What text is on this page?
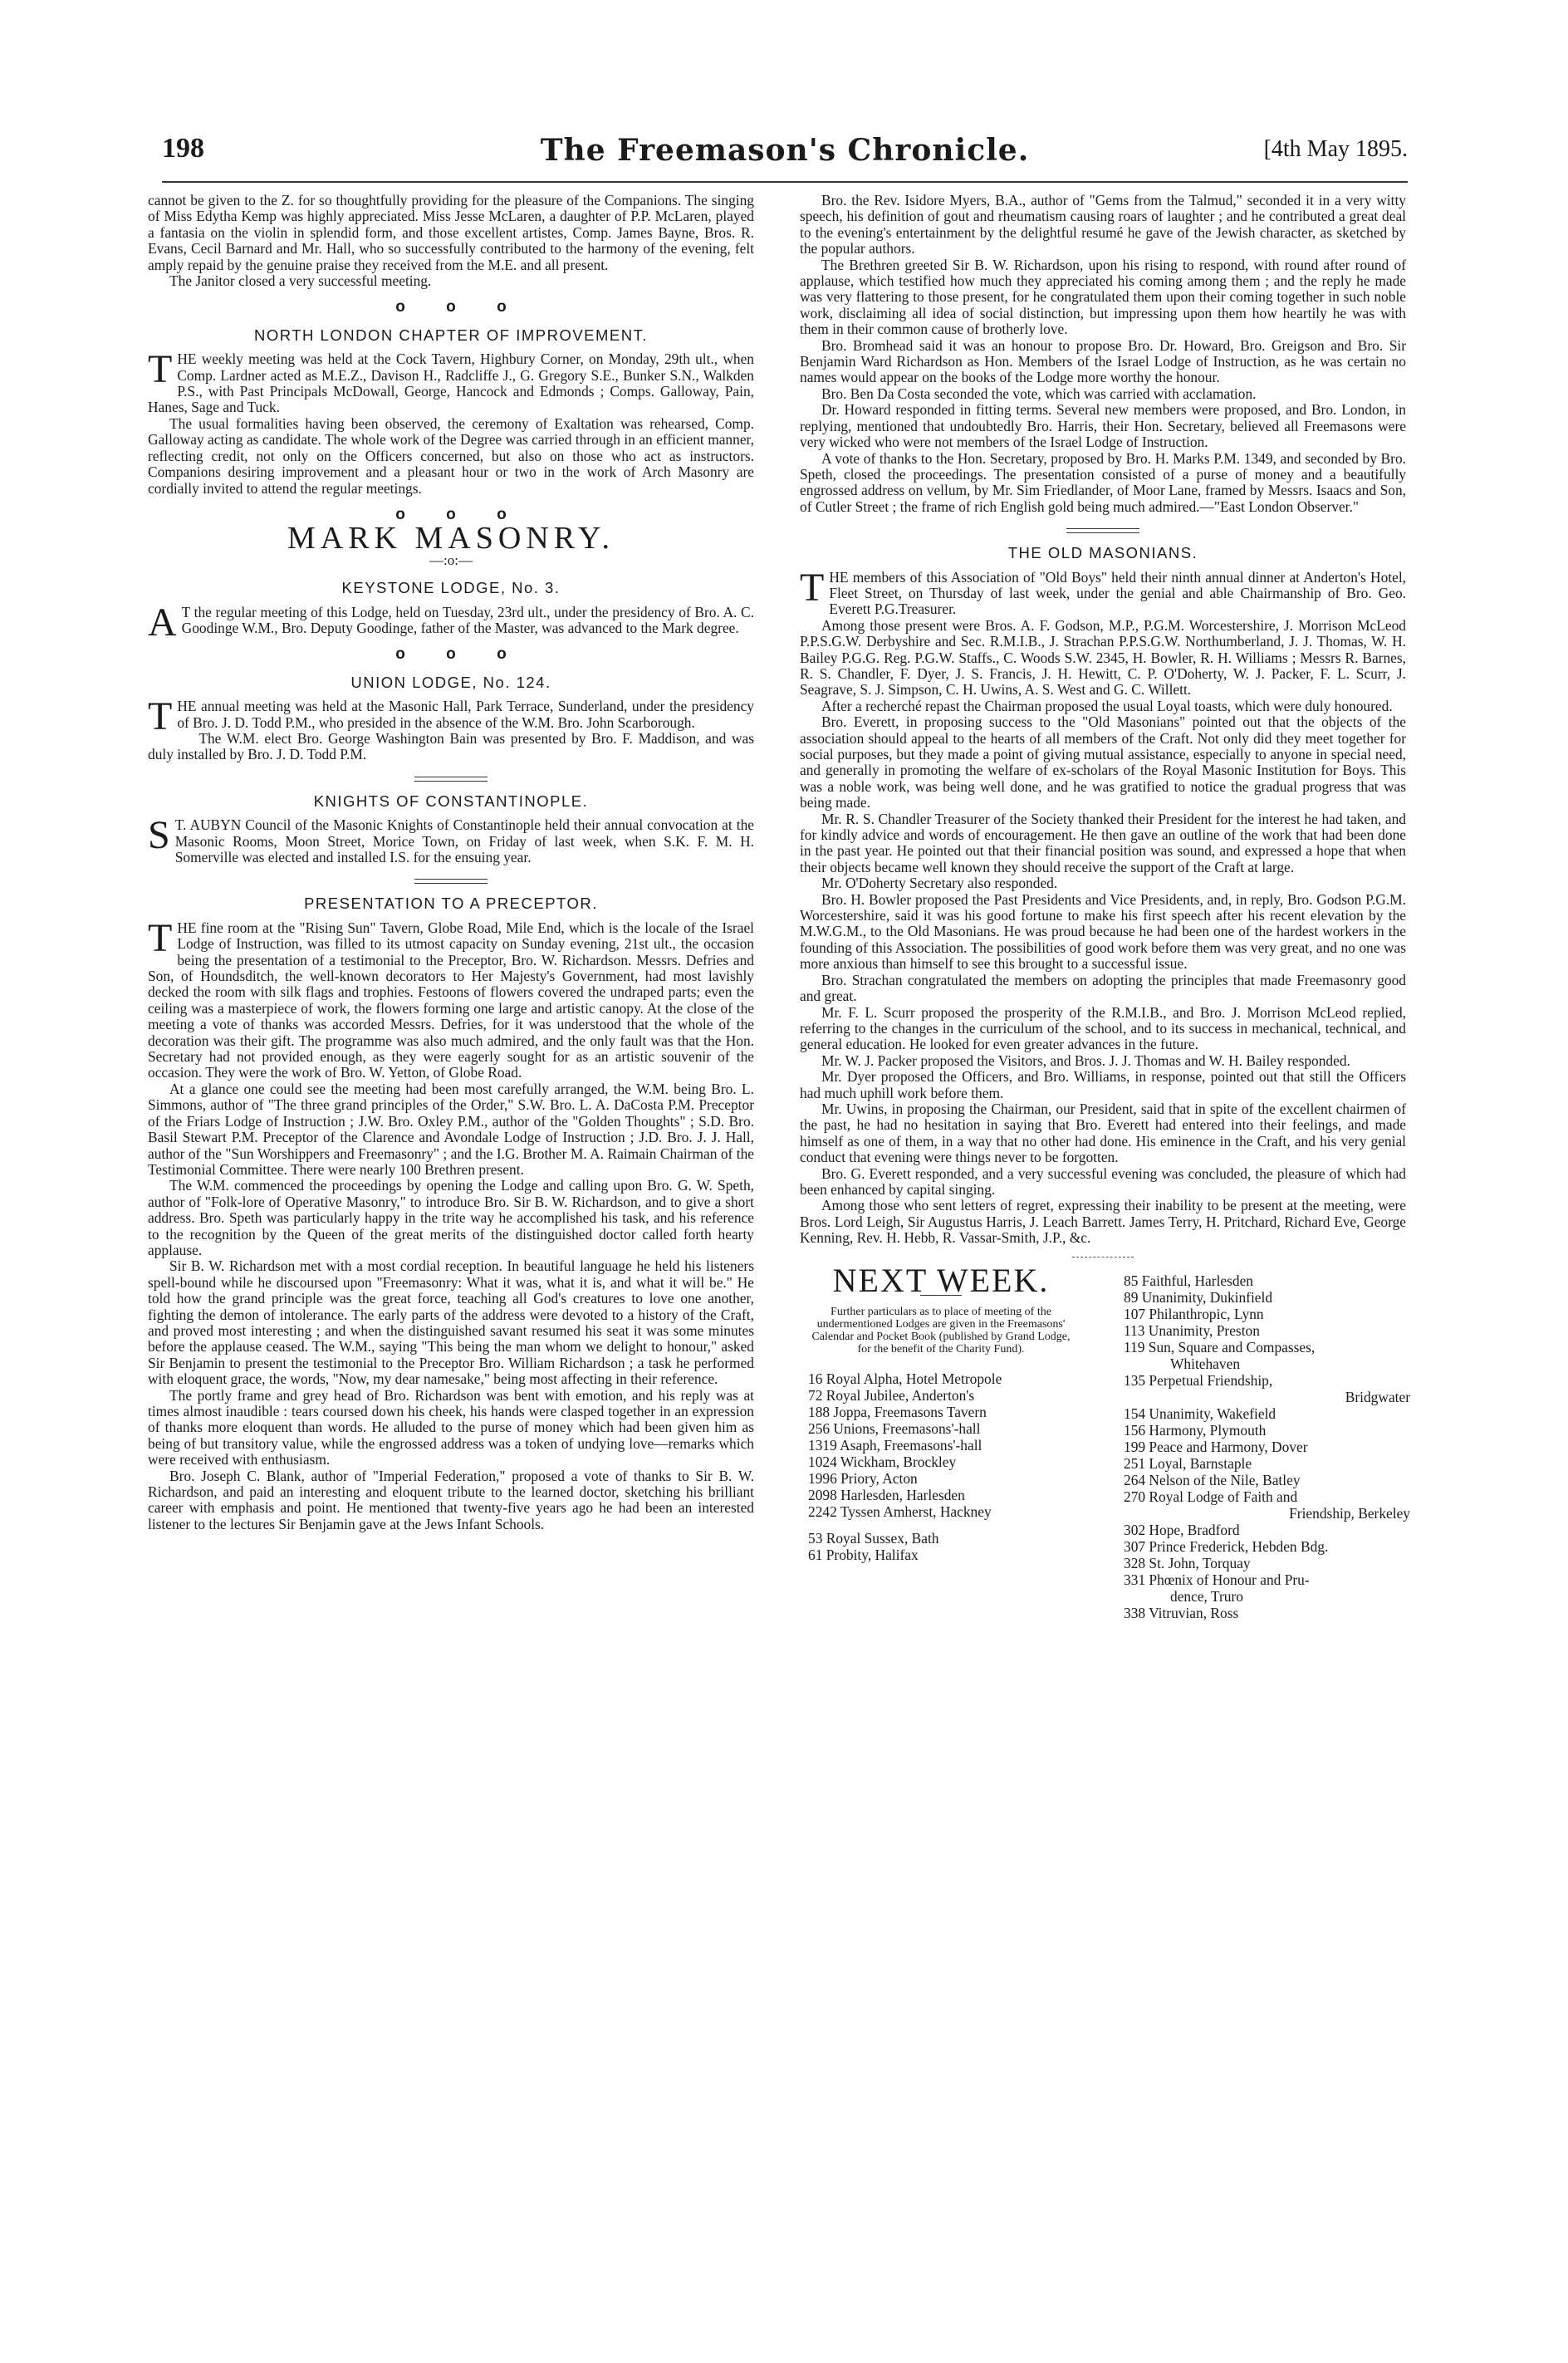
198	The Freemason's Chronicle.	[4th May 1895.

cannot be given to the Z. for so thoughtfully providing for the pleasure of the Companions. The singing of Miss Edytha Kemp was highly appreciated. Miss Jesse McLaren, a daughter of P.P. McLaren, played a fantasia on the violin in splendid form, and those excellent artistes, Comp. James Bayne, Bros. R. Evans, Cecil Barnard and Mr. Hall, who so successfully contributed to the harmony of the evening, felt amply repaid by the genuine praise they received from the M.E. and all present.

The Janitor closed a very successful meeting.

o o o
NORTH LONDON CHAPTER OF IMPROVEMENT.

THE weekly meeting was held at the Cock Tavern, Highbury Corner, on Monday, 29th ult., when Comp. Lardner acted as M.E.Z., Davison H., Radcliffe J., G. Gregory S.E., Bunker S.N., Walkden P.S., with Past Principals McDowall, George, Hancock and Edmonds ; Comps. Galloway, Pain, Hanes, Sage and Tuck.

The usual formalities having been observed, the ceremony of Exaltation was rehearsed, Comp. Galloway acting as candidate. The whole work of the Degree was carried through in an efficient manner, reflecting credit, not only on the Officers concerned, but also on those who act as instructors. Companions desiring improvement and a pleasant hour or two in the work of Arch Masonry are cordially invited to attend the regular meetings.

o o o
MARK MASONRY.
—:o:—
KEYSTONE LODGE, No. 3.

A T the regular meeting of this Lodge, held on Tuesday, 23rd ult., under the presidency of Bro. A. C. Goodinge W.M., Bro. Deputy Goodinge, father of the Master, was advanced to the Mark degree.

o o o
UNION LODGE, No. 124.

THE annual meeting was held at the Masonic Hall, Park Terrace, Sunderland, under the presidency of Bro. J. D. Todd P.M., who presided in the absence of the W.M. Bro. John Scarborough.

The W.M. elect Bro. George Washington Bain was presented by Bro. F. Maddison, and was duly installed by Bro. J. D. Todd P.M.

KNIGHTS OF CONSTANTINOPLE.

S T. AUBYN Council of the Masonic Knights of Constantinople held their annual convocation at the Masonic Rooms, Moon Street, Morice Town, on Friday of last week, when S.K. F. M. H. Somerville was elected and installed I.S. for the ensuing year.

PRESENTATION TO A PRECEPTOR.

THE fine room at the "Rising Sun" Tavern, Globe Road, Mile End, which is the locale of the Israel Lodge of Instruction, was filled to its utmost capacity on Sunday evening, 21st ult., the occasion being the presentation of a testimonial to the Preceptor, Bro. W. Richardson. Messrs. Defries and Son, of Houndsditch, the well-known decorators to Her Majesty's Government, had most lavishly decked the room with silk flags and trophies. Festoons of flowers covered the undraped parts; even the ceiling was a masterpiece of work, the flowers forming one large and artistic canopy. At the close of the meeting a vote of thanks was accorded Messrs. Defries, for it was understood that the whole of the decoration was their gift. The programme was also much admired, and the only fault was that the Hon. Secretary had not provided enough, as they were eagerly sought for as an artistic souvenir of the occasion. They were the work of Bro. W. Yetton, of Globe Road.

At a glance one could see the meeting had been most carefully arranged, the W.M. being Bro. L. Simmons, author of "The three grand principles of the Order," S.W. Bro. L. A. DaCosta P.M. Preceptor of the Friars Lodge of Instruction ; J.W. Bro. Oxley P.M., author of the "Golden Thoughts" ; S.D. Bro. Basil Stewart P.M. Preceptor of the Clarence and Avondale Lodge of Instruction ; J.D. Bro. J. J. Hall, author of the "Sun Worshippers and Freemasonry" ; and the I.G. Brother M. A. Raimain Chairman of the Testimonial Committee. There were nearly 100 Brethren present.

The W.M. commenced the proceedings by opening the Lodge and calling upon Bro. G. W. Speth, author of "Folk-lore of Operative Masonry," to introduce Bro. Sir B. W. Richardson, and to give a short address. Bro. Speth was particularly happy in the trite way he accomplished his task, and his reference to the recognition by the Queen of the great merits of the distinguished doctor called forth hearty applause.

Sir B. W. Richardson met with a most cordial reception. In beautiful language he held his listeners spell-bound while he discoursed upon "Freemasonry: What it was, what it is, and what it will be." He told how the grand principle was the great force, teaching all God's creatures to love one another, fighting the demon of intolerance. The early parts of the address were devoted to a history of the Craft, and proved most interesting ; and when the distinguished savant resumed his seat it was some minutes before the applause ceased. The W.M., saying "This being the man whom we delight to honour," asked Sir Benjamin to present the testimonial to the Preceptor Bro. William Richardson ; a task he performed with eloquent grace, the words, "Now, my dear namesake," being most affecting in their reference.

The portly frame and grey head of Bro. Richardson was bent with emotion, and his reply was at times almost inaudible : tears coursed down his cheek, his hands were clasped together in an expression of thanks more eloquent than words. He alluded to the purse of money which had been given him as being of but transitory value, while the engrossed address was a token of undying love—remarks which were received with enthusiasm.

Bro. Joseph C. Blank, author of "Imperial Federation," proposed a vote of thanks to Sir B. W. Richardson, and paid an interesting and eloquent tribute to the learned doctor, sketching his brilliant career with emphasis and point. He mentioned that twenty-five years ago he had been an interested listener to the lectures Sir Benjamin gave at the Jews Infant Schools.

Bro. the Rev. Isidore Myers, B.A., author of "Gems from the Talmud," seconded it in a very witty speech, his definition of gout and rheumatism causing roars of laughter ; and he contributed a great deal to the evening's entertainment by the delightful resumé he gave of the Jewish character, as sketched by the popular authors.

The Brethren greeted Sir B. W. Richardson, upon his rising to respond, with round after round of applause, which testified how much they appreciated his coming among them ; and the reply he made was very flattering to those present, for he congratulated them upon their coming together in such noble work, disclaiming all idea of social distinction, but impressing upon them how heartily he was with them in their common cause of brotherly love.

Bro. Bromhead said it was an honour to propose Bro. Dr. Howard, Bro. Greigson and Bro. Sir Benjamin Ward Richardson as Hon. Members of the Israel Lodge of Instruction, as he was certain no names would appear on the books of the Lodge more worthy the honour.

Bro. Ben Da Costa seconded the vote, which was carried with acclamation.

Dr. Howard responded in fitting terms. Several new members were proposed, and Bro. London, in replying, mentioned that undoubtedly Bro. Harris, their Hon. Secretary, believed all Freemasons were very wicked who were not members of the Israel Lodge of Instruction.

A vote of thanks to the Hon. Secretary, proposed by Bro. H. Marks P.M. 1349, and seconded by Bro. Speth, closed the proceedings. The presentation consisted of a purse of money and a beautifully engrossed address on vellum, by Mr. Sim Friedlander, of Moor Lane, framed by Messrs. Isaacs and Son, of Cutler Street ; the frame of rich English gold being much admired.—"East London Observer."

THE OLD MASONIANS.

THE members of this Association of "Old Boys" held their ninth annual dinner at Anderton's Hotel, Fleet Street, on Thursday of last week, under the genial and able Chairmanship of Bro. Geo. Everett P.G.Treasurer.

Among those present were Bros. A. F. Godson, M.P., P.G.M. Worcestershire, J. Morrison McLeod P.P.S.G.W. Derbyshire and Sec. R.M.I.B., J. Strachan P.P.S.G.W. Northumberland, J. J. Thomas, W. H. Bailey P.G.G. Reg. P.G.W. Staffs., C. Woods S.W. 2345, H. Bowler, R. H. Williams ; Messrs R. Barnes, R. S. Chandler, F. Dyer, J. S. Francis, J. H. Hewitt, C. P. O'Doherty, W. J. Packer, F. L. Scurr, J. Seagrave, S. J. Simpson, C. H. Uwins, A. S. West and G. C. Willett.

After a recherché repast the Chairman proposed the usual Loyal toasts, which were duly honoured.

Bro. Everett, in proposing success to the "Old Masonians" pointed out that the objects of the association should appeal to the hearts of all members of the Craft. Not only did they meet together for social purposes, but they made a point of giving mutual assistance, especially to anyone in special need, and generally in promoting the welfare of ex-scholars of the Royal Masonic Institution for Boys. This was a noble work, was being well done, and he was gratified to notice the gradual progress that was being made.

Mr. R. S. Chandler Treasurer of the Society thanked their President for the interest he had taken, and for kindly advice and words of encouragement. He then gave an outline of the work that had been done in the past year. He pointed out that their financial position was sound, and expressed a hope that when their objects became well known they should receive the support of the Craft at large.

Mr. O'Doherty Secretary also responded.

Bro. H. Bowler proposed the Past Presidents and Vice Presidents, and, in reply, Bro. Godson P.G.M. Worcestershire, said it was his good fortune to make his first speech after his recent elevation by the M.W.G.M., to the Old Masonians. He was proud because he had been one of the hardest workers in the founding of this Association. The possibilities of good work before them was very great, and no one was more anxious than himself to see this brought to a successful issue.

Bro. Strachan congratulated the members on adopting the principles that made Freemasonry good and great.

Mr. F. L. Scurr proposed the prosperity of the R.M.I.B., and Bro. J. Morrison McLeod replied, referring to the changes in the curriculum of the school, and to its success in mechanical, technical, and general education. He looked for even greater advances in the future.

Mr. W. J. Packer proposed the Visitors, and Bros. J. J. Thomas and W. H. Bailey responded.

Mr. Dyer proposed the Officers, and Bro. Williams, in response, pointed out that still the Officers had much uphill work before them.

Mr. Uwins, in proposing the Chairman, our President, said that in spite of the excellent chairmen of the past, he had no hesitation in saying that Bro. Everett had entered into their feelings, and made himself as one of them, in a way that no other had done. His eminence in the Craft, and his very genial conduct that evening were things never to be forgotten.

Bro. G. Everett responded, and a very successful evening was concluded, the pleasure of which had been enhanced by capital singing.

Among those who sent letters of regret, expressing their inability to be present at the meeting, were Bros. Lord Leigh, Sir Augustus Harris, J. Leach Barrett. James Terry, H. Pritchard, Richard Eve, George Kenning, Rev. H. Hebb, R. Vassar-Smith, J.P., &c.

NEXT WEEK.
Further particulars as to place of meeting of the undermentioned Lodges are given in the Freemasons' Calendar and Pocket Book (published by Grand Lodge, for the benefit of the Charity Fund).
16 Royal Alpha, Hotel Metropole
72 Royal Jubilee, Anderton's
188 Joppa, Freemasons Tavern
256 Unions, Freemasons'-hall
1319 Asaph, Freemasons'-hall
1024 Wickham, Brockley
1996 Priory, Acton
2098 Harlesden, Harlesden
2242 Tyssen Amherst, Hackney
53 Royal Sussex, Bath
61 Probity, Halifax
85 Faithful, Harlesden
89 Unanimity, Dukinfield
107 Philanthropic, Lynn
113 Unanimity, Preston
119 Sun, Square and Compasses,
Whitehaven
135 Perpetual Friendship,
Bridgwater
154 Unanimity, Wakefield
156 Harmony, Plymouth
199 Peace and Harmony, Dover
251 Loyal, Barnstaple
264 Nelson of the Nile, Batley
270 Royal Lodge of Faith and
Friendship, Berkeley
302 Hope, Bradford
307 Prince Frederick, Hebden Bdg.
328 St. John, Torquay
331 Phœnix of Honour and Pru-
dence, Truro
338 Vitruvian, Ross
